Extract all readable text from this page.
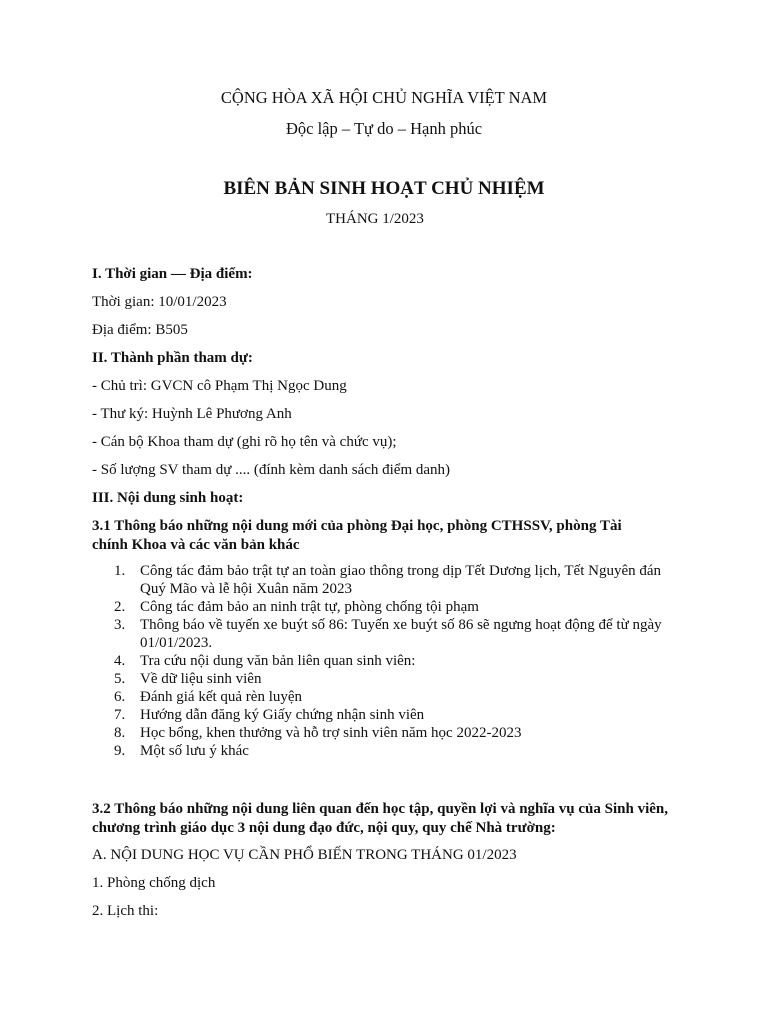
CỘNG HÒA XÃ HỘI CHỦ NGHĨA VIỆT NAM
Độc lập – Tự do – Hạnh phúc
BIÊN BẢN SINH HOẠT CHỦ NHIỆM
THÁNG 1/2023
I. Thời gian — Địa điểm:
Thời gian: 10/01/2023
Địa điểm: B505
II. Thành phần tham dự:
- Chủ trì: GVCN cô Phạm Thị Ngọc Dung
- Thư ký: Huỳnh Lê Phương Anh
- Cán bộ Khoa tham dự (ghi rõ họ tên và chức vụ);
- Số lượng SV tham dự .... (đính kèm danh sách điểm danh)
III. Nội dung sinh hoạt:
3.1 Thông báo những nội dung mới của phòng Đại học, phòng CTHSSV, phòng Tài chính Khoa và các văn bản khác
1. Công tác đảm bảo trật tự an toàn giao thông trong dịp Tết Dương lịch, Tết Nguyên đán Quý Mão và lễ hội Xuân năm 2023
2. Công tác đảm bảo an ninh trật tự, phòng chống tội phạm
3. Thông báo về tuyến xe buýt số 86: Tuyến xe buýt số 86 sẽ ngưng hoạt động để từ ngày 01/01/2023.
4. Tra cứu nội dung văn bản liên quan sinh viên:
5. Về dữ liệu sinh viên
6. Đánh giá kết quả rèn luyện
7. Hướng dẫn đăng ký Giấy chứng nhận sinh viên
8. Học bổng, khen thưởng và hỗ trợ sinh viên năm học 2022-2023
9. Một số lưu ý khác
3.2 Thông báo những nội dung liên quan đến học tập, quyền lợi và nghĩa vụ của Sinh viên, chương trình giáo dục 3 nội dung đạo đức, nội quy, quy chế Nhà trường:
A. NỘI DUNG HỌC VỤ CẦN PHỔ BIẾN TRONG THÁNG 01/2023
1. Phòng chống dịch
2. Lịch thi:
